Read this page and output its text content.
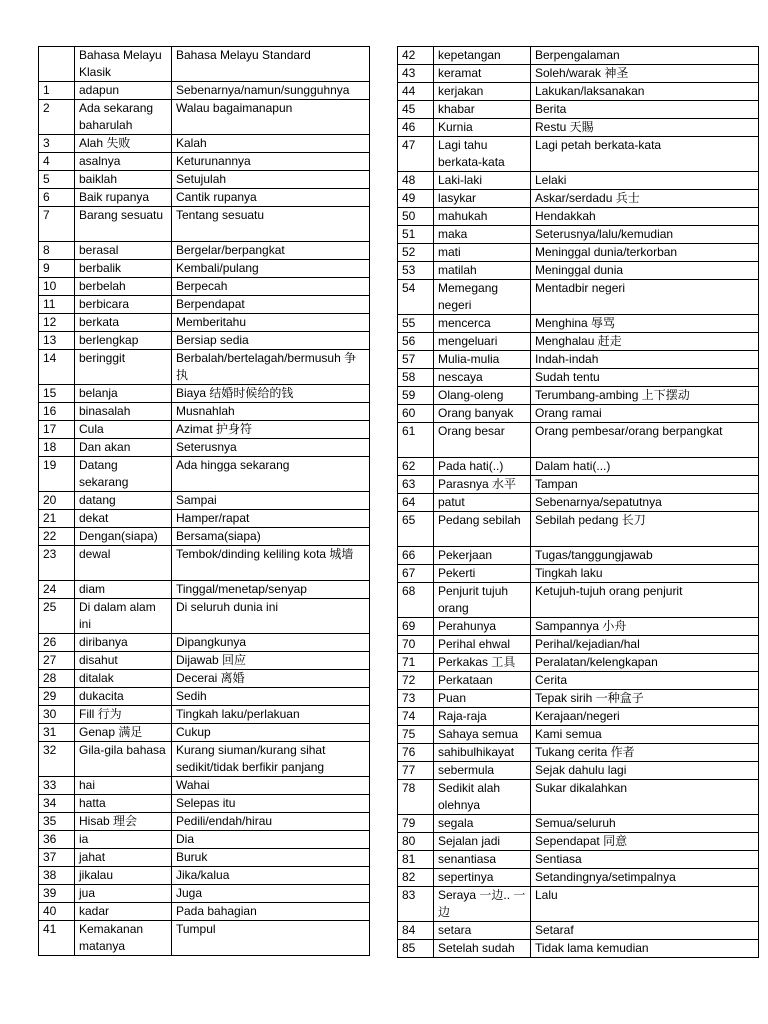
	Bahasa Melayu Klasik	Bahasa Melayu Standard
1	adapun	Sebenarnya/namun/sungguhnya
2	Ada sekarang baharulah	Walau bagaimanapun
3	Alah 失败	Kalah
4	asalnya	Keturunannya
5	baiklah	Setujulah
6	Baik rupanya	Cantik rupanya
7	Barang sesuatu	Tentang sesuatu
8	berasal	Bergelar/berpangkat
9	berbalik	Kembali/pulang
10	berbelah	Berpecah
11	berbicara	Berpendapat
12	berkata	Memberitahu
13	berlengkap	Bersiap sedia
14	beringgit	Berbalah/bertelagah/bermusuh 争执
15	belanja	Biaya 结婚时候给的钱
16	binasalah	Musnahlah
17	Cula	Azimat 护身符
18	Dan akan	Seterusnya
19	Datang sekarang	Ada hingga sekarang
20	datang	Sampai
21	dekat	Hamper/rapat
22	Dengan(siapa)	Bersama(siapa)
23	dewal	Tembok/dinding keliling kota 城墙
24	diam	Tinggal/menetap/senyap
25	Di dalam alam ini	Di seluruh dunia ini
26	diribanya	Dipangkunya
27	disahut	Dijawab 回应
28	ditalak	Decerai 离婚
29	dukacita	Sedih
30	Fill 行为	Tingkah laku/perlakuan
31	Genap 满足	Cukup
32	Gila-gila bahasa	Kurang siuman/kurang sihat sedikit/tidak berfikir panjang
33	hai	Wahai
34	hatta	Selepas itu
35	Hisab 理会	Pedili/endah/hirau
36	ia	Dia
37	jahat	Buruk
38	jikalau	Jika/kalua
39	jua	Juga
40	kadar	Pada bahagian
41	Kemakanan matanya	Tumpul
42	kepetangan	Berpengalaman
43	keramat	Soleh/warak 神圣
44	kerjakan	Lakukan/laksanakan
45	khabar	Berita
46	Kurnia	Restu 天賜
47	Lagi tahu berkata-kata	Lagi petah berkata-kata
48	Laki-laki	Lelaki
49	lasykar	Askar/serdadu 兵士
50	mahukah	Hendakkah
51	maka	Seterusnya/lalu/kemudian
52	mati	Meninggal dunia/terkorban
53	matilah	Meninggal dunia
54	Memegang negeri	Mentadbir negeri
55	mencerca	Menghina 辱骂
56	mengeluari	Menghalau 赶走
57	Mulia-mulia	Indah-indah
58	nescaya	Sudah tentu
59	Olang-oleng	Terumbang-ambing 上下摆动
60	Orang banyak	Orang ramai
61	Orang besar	Orang pembesar/orang berpangkat
62	Pada hati(..)	Dalam hati(...)
63	Parasnya 水平	Tampan
64	patut	Sebenarnya/sepatutnya
65	Pedang sebilah	Sebilah pedang 长刀
66	Pekerjaan	Tugas/tanggungjawab
67	Pekerti	Tingkah laku
68	Penjurit tujuh orang	Ketujuh-tujuh orang penjurit
69	Perahunya	Sampannya 小舟
70	Perihal ehwal	Perihal/kejadian/hal
71	Perkakas 工具	Peralatan/kelengkapan
72	Perkataan	Cerita
73	Puan	Tepak sirih 一种盒子
74	Raja-raja	Kerajaan/negeri
75	Sahaya semua	Kami semua
76	sahibulhikayat	Tukang cerita 作者
77	sebermula	Sejak dahulu lagi
78	Sedikit alah olehnya	Sukar dikalahkan
79	segala	Semua/seluruh
80	Sejalan jadi	Sependapat 同意
81	senantiasa	Sentiasa
82	sepertinya	Setandingnya/setimpalnya
83	Seraya 一边.. 一边	Lalu
84	setara	Setaraf
85	Setelah sudah	Tidak lama kemudian
